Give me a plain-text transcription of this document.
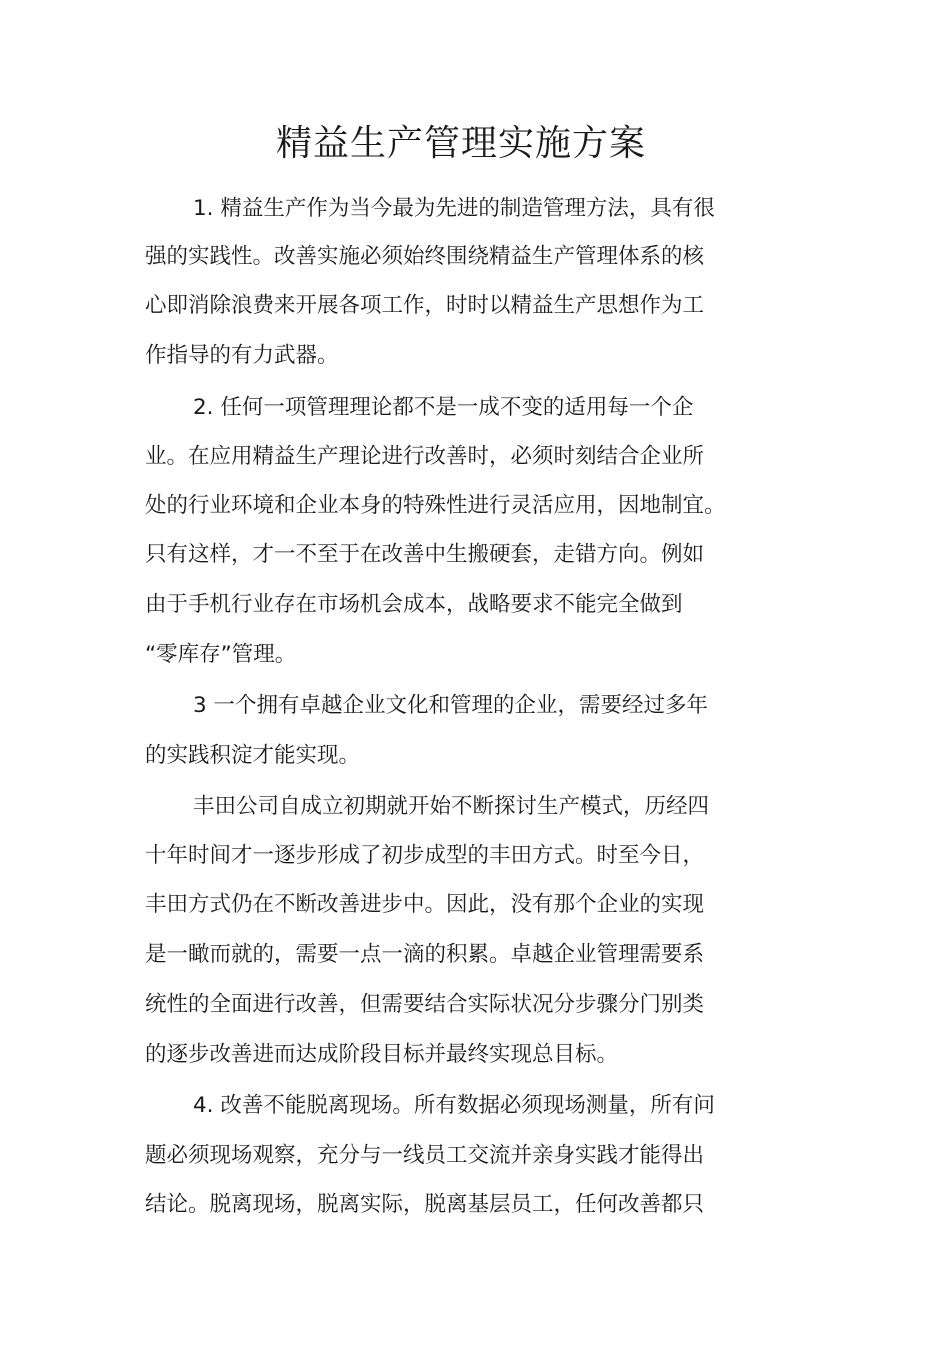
精益生产管理实施方案

1. 精益生产作为当今最为先进的制造管理方法，具有很

强的实践性。改善实施必须始终围绕精益生产管理体系的核

心即消除浪费来开展各项工作，时时以精益生产思想作为工

作指导的有力武器。

2. 任何一项管理理论都不是一成不变的适用每一个企

业。在应用精益生产理论进行改善时，必须时刻结合企业所

处的行业环境和企业本身的特殊性进行灵活应用，因地制宜。

只有这样，才一不至于在改善中生搬硬套，走错方向。例如

由于手机行业存在市场机会成本，战略要求不能完全做到

“零库存”管理。

3 一个拥有卓越企业文化和管理的企业，需要经过多年

的实践积淀才能实现。

丰田公司自成立初期就开始不断探讨生产模式，历经四

十年时间才一逐步形成了初步成型的丰田方式。时至今日，

丰田方式仍在不断改善进步中。因此，没有那个企业的实现

是一瞰而就的，需要一点一滴的积累。卓越企业管理需要系

统性的全面进行改善，但需要结合实际状况分步骤分门别类

的逐步改善进而达成阶段目标并最终实现总目标。

4. 改善不能脱离现场。所有数据必须现场测量，所有问

题必须现场观察，充分与一线员工交流并亲身实践才能得出

结论。脱离现场，脱离实际，脱离基层员工，任何改善都只
